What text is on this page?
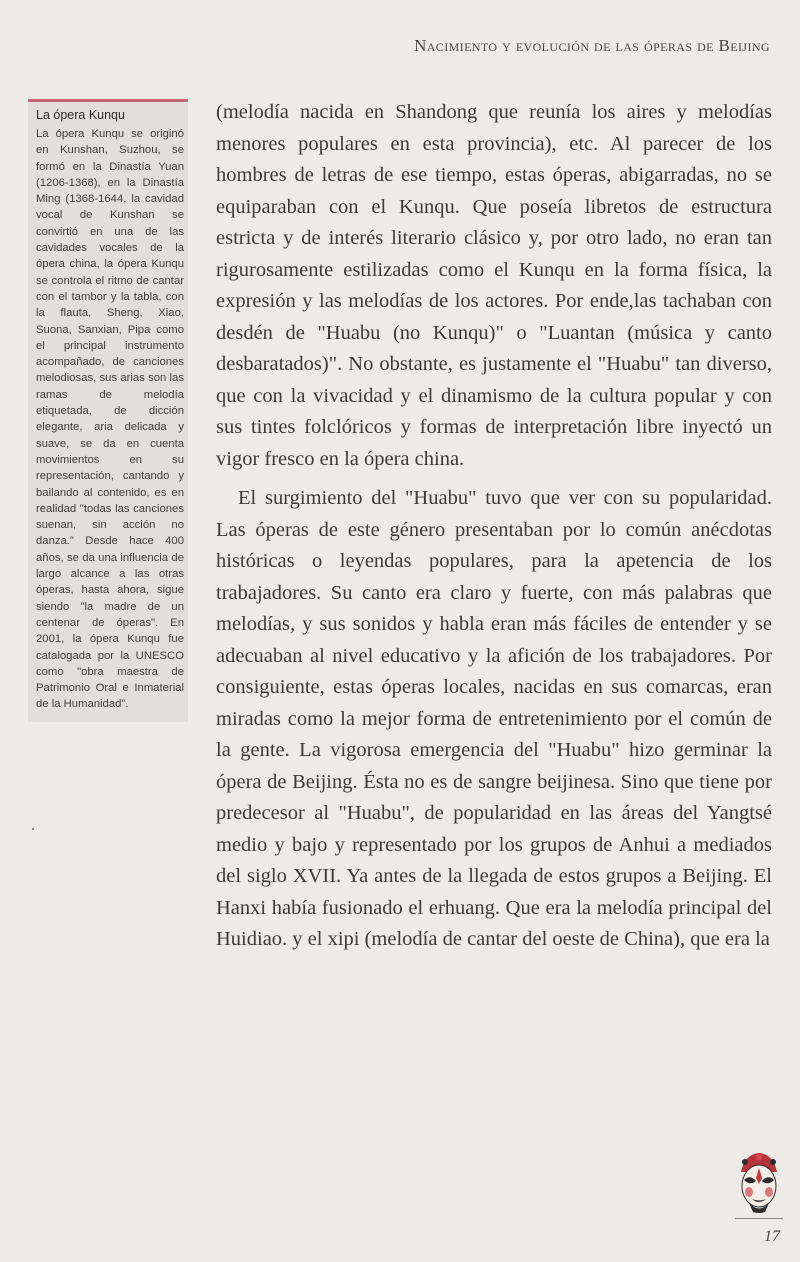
Nacimiento y evolución de las óperas de Beijing
La ópera Kunqu
La ópera Kunqu se originó en Kunshan, Suzhou, se formó en la Dinastía Yuan (1206-1368), en la Dinastía Ming (1368-1644, la cavidad vocal de Kunshan se convirtió en una de las cavidades vocales de la ópera china, la ópera Kunqu se controla el ritmo de cantar con el tambor y la tabla, con la flauta, Sheng, Xiao, Suona, Sanxian, Pipa como el principal instrumento acompañado, de canciones melodiosas, sus arias son las ramas de melodía etiquetada, de dicción elegante, aria delicada y suave, se da en cuenta movimientos en su representación, cantando y bailando al contenido, es en realidad "todas las canciones suenan, sin acción no danza." Desde hace 400 años, se da una influencia de largo alcance a las otras óperas, hasta ahora, sigue siendo "la madre de un centenar de óperas". En 2001, la ópera Kunqu fue catalogada por la UNESCO como "obra maestra de Patrimonio Oral e Inmaterial de la Humanidad".

(melodía nacida en Shandong que reunía los aires y melodías menores populares en esta provincia), etc. Al parecer de los hombres de letras de ese tiempo, estas óperas, abigarradas, no se equiparaban con el Kunqu. Que poseía libretos de estructura estricta y de interés literario clásico y, por otro lado, no eran tan rigurosamente estilizadas como el Kunqu en la forma física, la expresión y las melodías de los actores. Por ende,las tachaban con desdén de "Huabu (no Kunqu)" o "Luantan (música y canto desbaratados)". No obstante, es justamente el "Huabu" tan diverso, que con la vivacidad y el dinamismo de la cultura popular y con sus tintes folclóricos y formas de interpretación libre inyectó un vigor fresco en la ópera china.

El surgimiento del "Huabu" tuvo que ver con su popularidad. Las óperas de este género presentaban por lo común anécdotas históricas o leyendas populares, para la apetencia de los trabajadores. Su canto era claro y fuerte, con más palabras que melodías, y sus sonidos y habla eran más fáciles de entender y se adecuaban al nivel educativo y la afición de los trabajadores. Por consiguiente, estas óperas locales, nacidas en sus comarcas, eran miradas como la mejor forma de entretenimiento por el común de la gente. La vigorosa emergencia del "Huabu" hizo germinar la ópera de Beijing. Ésta no es de sangre beijinesa. Sino que tiene por predecesor al "Huabu", de popularidad en las áreas del Yangtsé medio y bajo y representado por los grupos de Anhui a mediados del siglo XVII. Ya antes de la llegada de estos grupos a Beijing. El Hanxi había fusionado el erhuang. Que era la melodía principal del Huidiao. y el xipi (melodía de cantar del oeste de China), que era la

17
